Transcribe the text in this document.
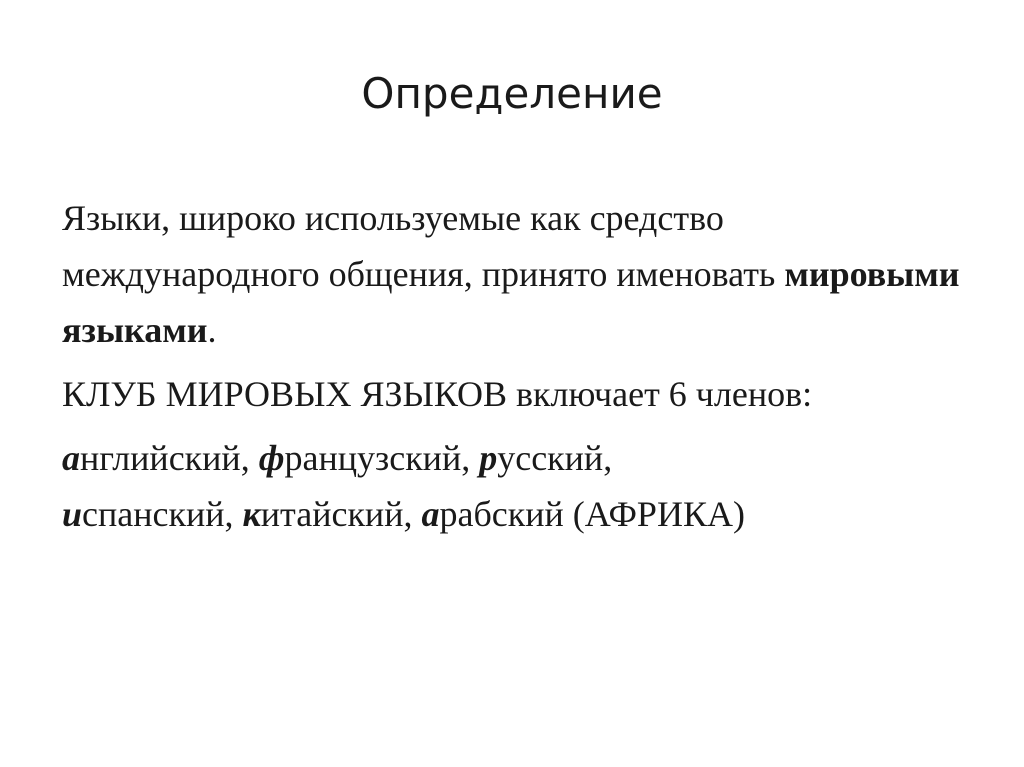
Определение
Языки, широко используемые как средство международного общения, принято именовать мировыми языками.
КЛУБ МИРОВЫХ ЯЗЫКОВ включает 6 членов:
английский, французский, русский,
испанский, китайский, арабский (АФРИКА)
